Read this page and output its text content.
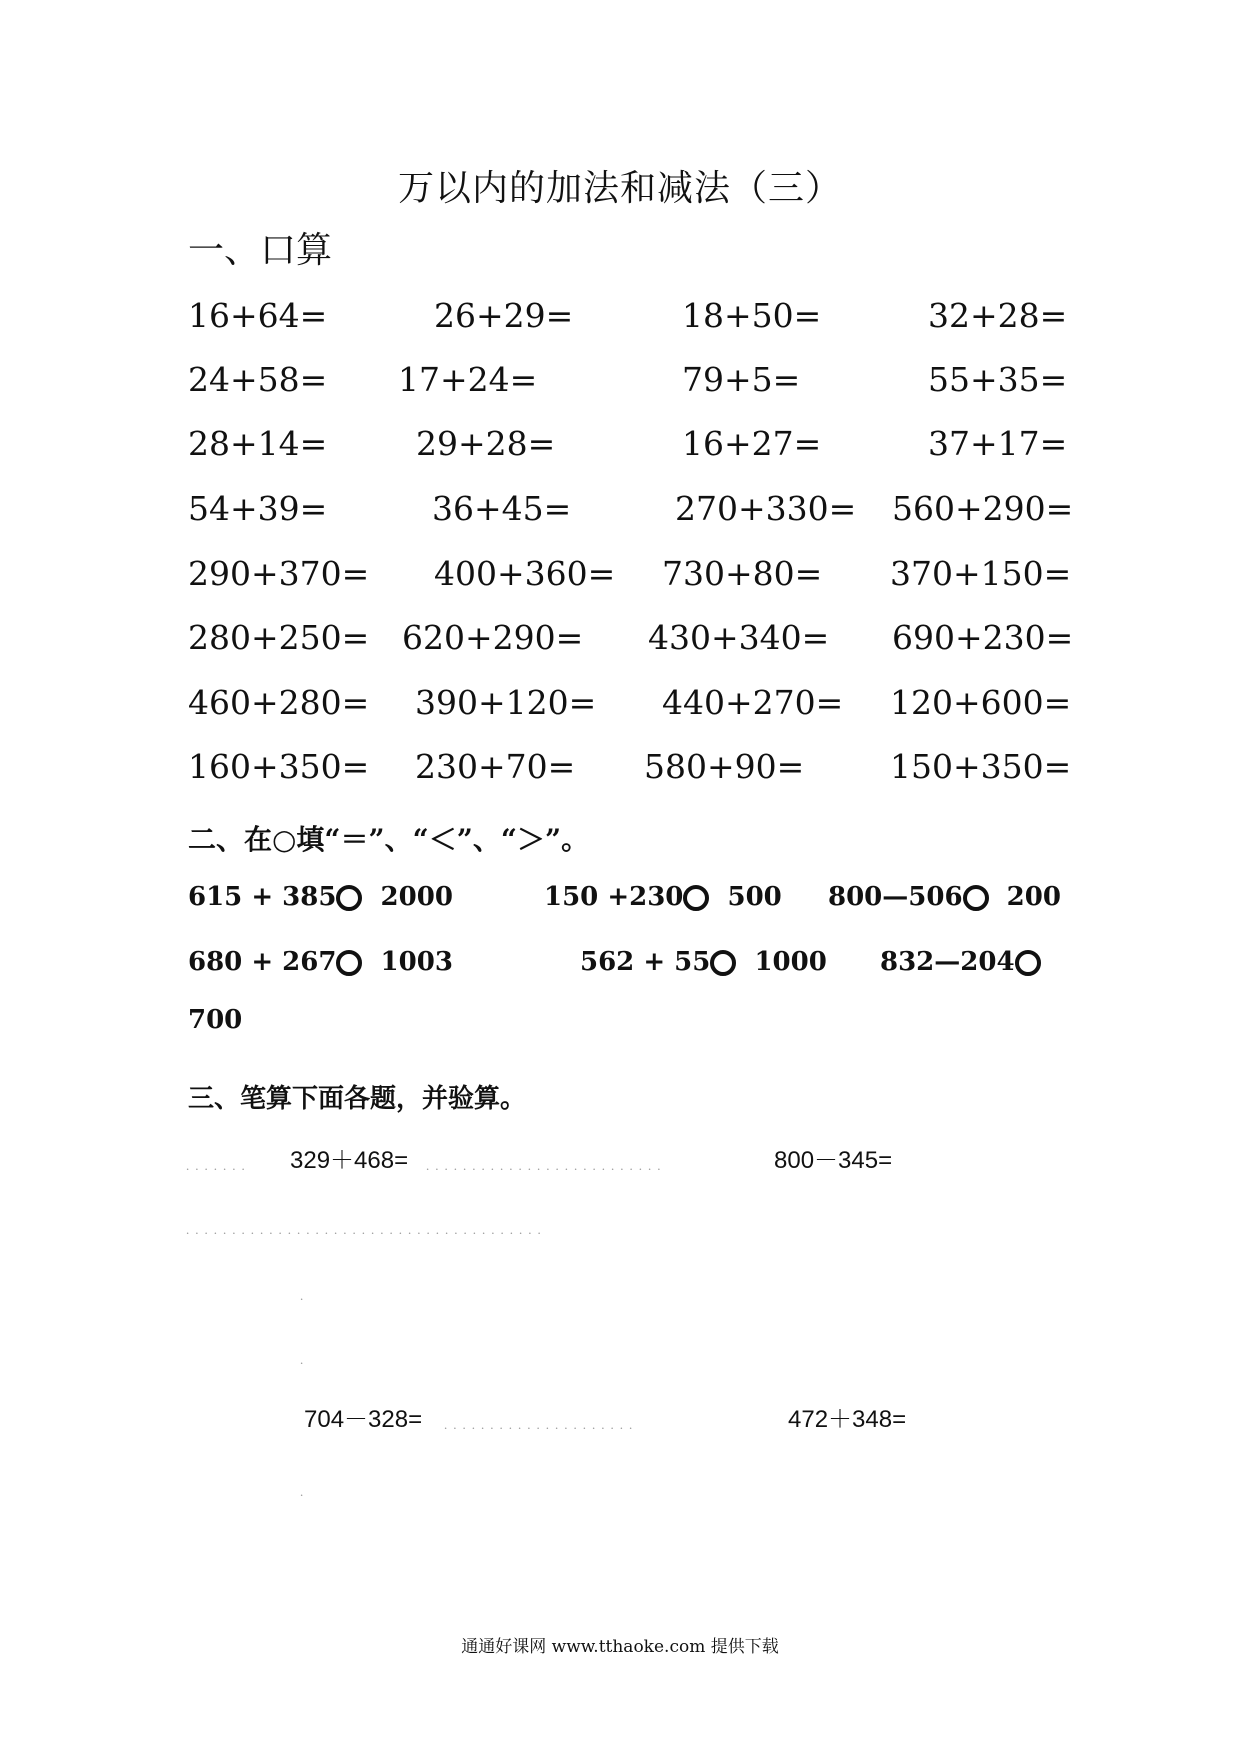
万以内的加法和减法（三）
一、口算
16+64=	26+29=	18+50=	32+28=
24+58= 17+24=	79+5=	55+35=
28+14=	29+28=	16+27=	37+17=
54+39=	36+45=	270+330= 560+290=
290+370= 400+360= 730+80= 370+150=
280+250= 620+290= 430+340= 690+230=
460+280= 390+120= 440+270= 120+600=
160+350= 230+70= 580+90=	150+350=
二、在○填“＝”、“＜”、“＞”。
615 + 385 2000	150 +230 500 800—506 200
680 + 267 1003	562 + 55 1000 832—204
700
三、笔算下面各题，并验算。
....... 329＋468= ..........................	800－345=
.......................................
.
.
704－328= .....................	472＋348=
.
通通好课网 www.tthaoke.com 提供下载
